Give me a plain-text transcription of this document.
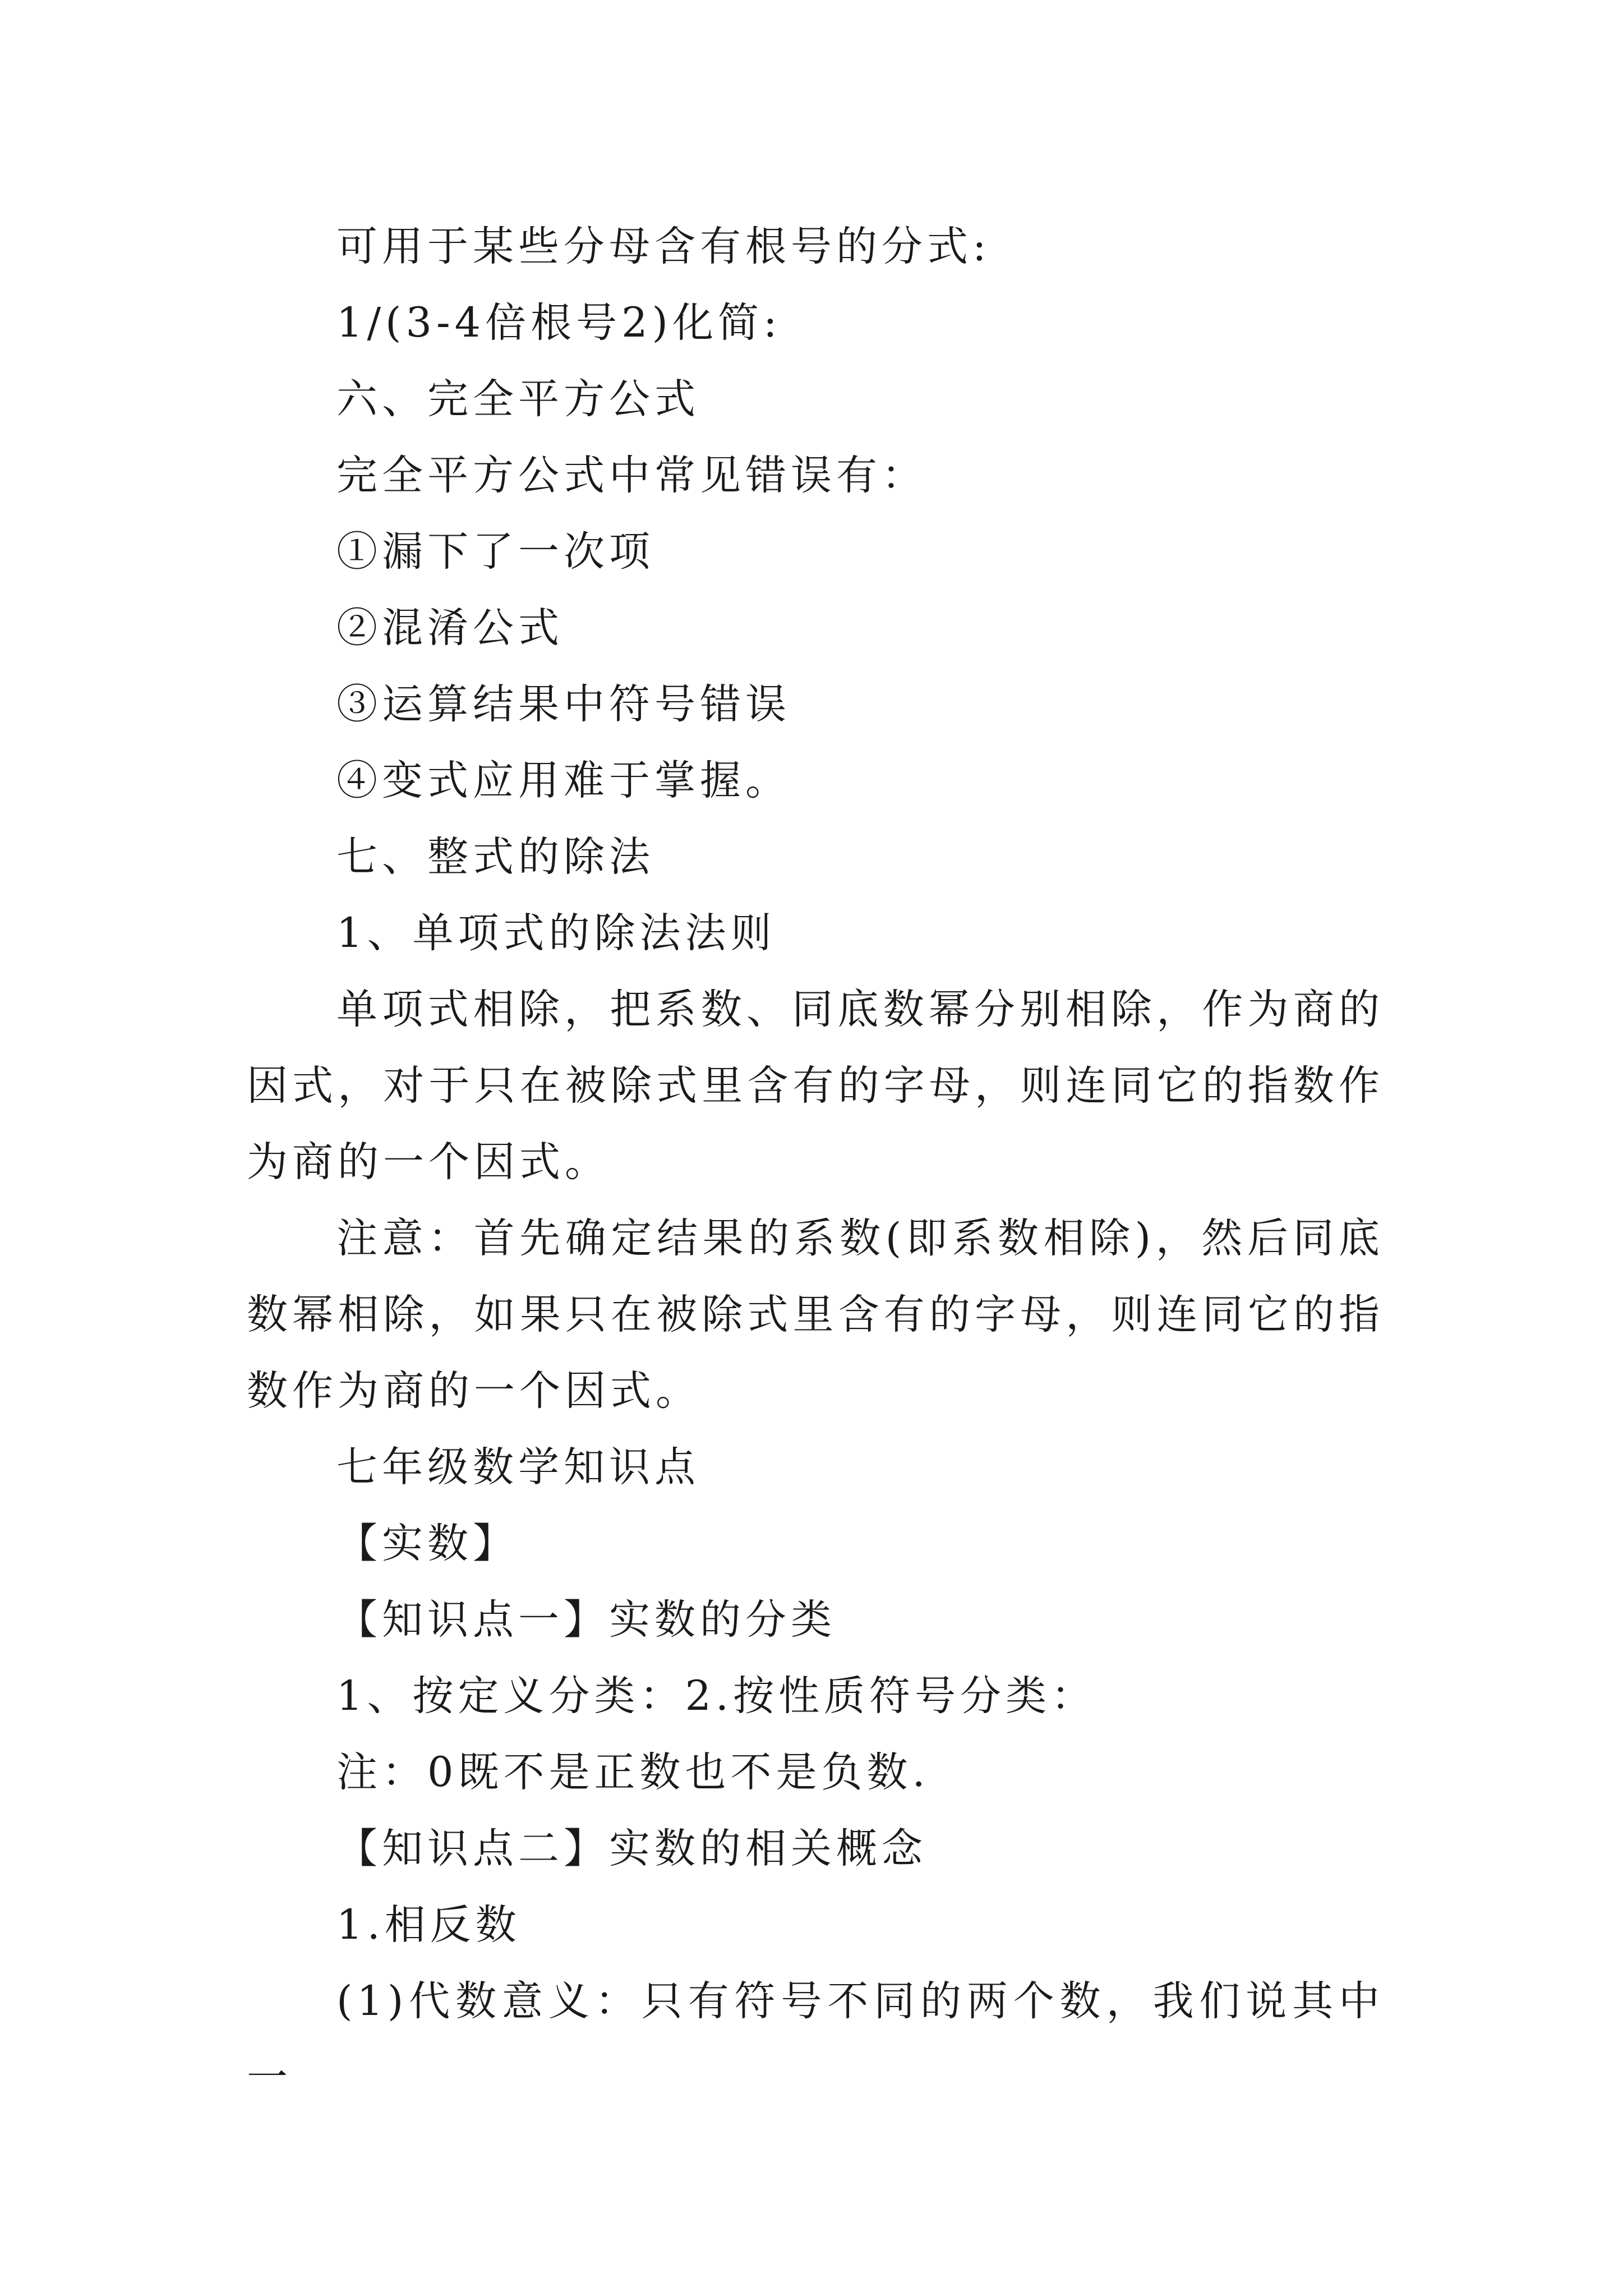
可用于某些分母含有根号的分式:

1/(3-4倍根号2)化简:

六、完全平方公式

完全平方公式中常见错误有：

①漏下了一次项

②混淆公式

③运算结果中符号错误

④变式应用难于掌握。

七、整式的除法

1、单项式的除法法则

单项式相除，把系数、同底数幂分别相除，作为商的因式，对于只在被除式里含有的字母，则连同它的指数作为商的一个因式。

注意：首先确定结果的系数(即系数相除)，然后同底数幂相除，如果只在被除式里含有的字母，则连同它的指数作为商的一个因式。

七年级数学知识点

【实数】

【知识点一】实数的分类

1、按定义分类：2.按性质符号分类：

注：0既不是正数也不是负数.

【知识点二】实数的相关概念

1.相反数

(1)代数意义：只有符号不同的两个数，我们说其中一
